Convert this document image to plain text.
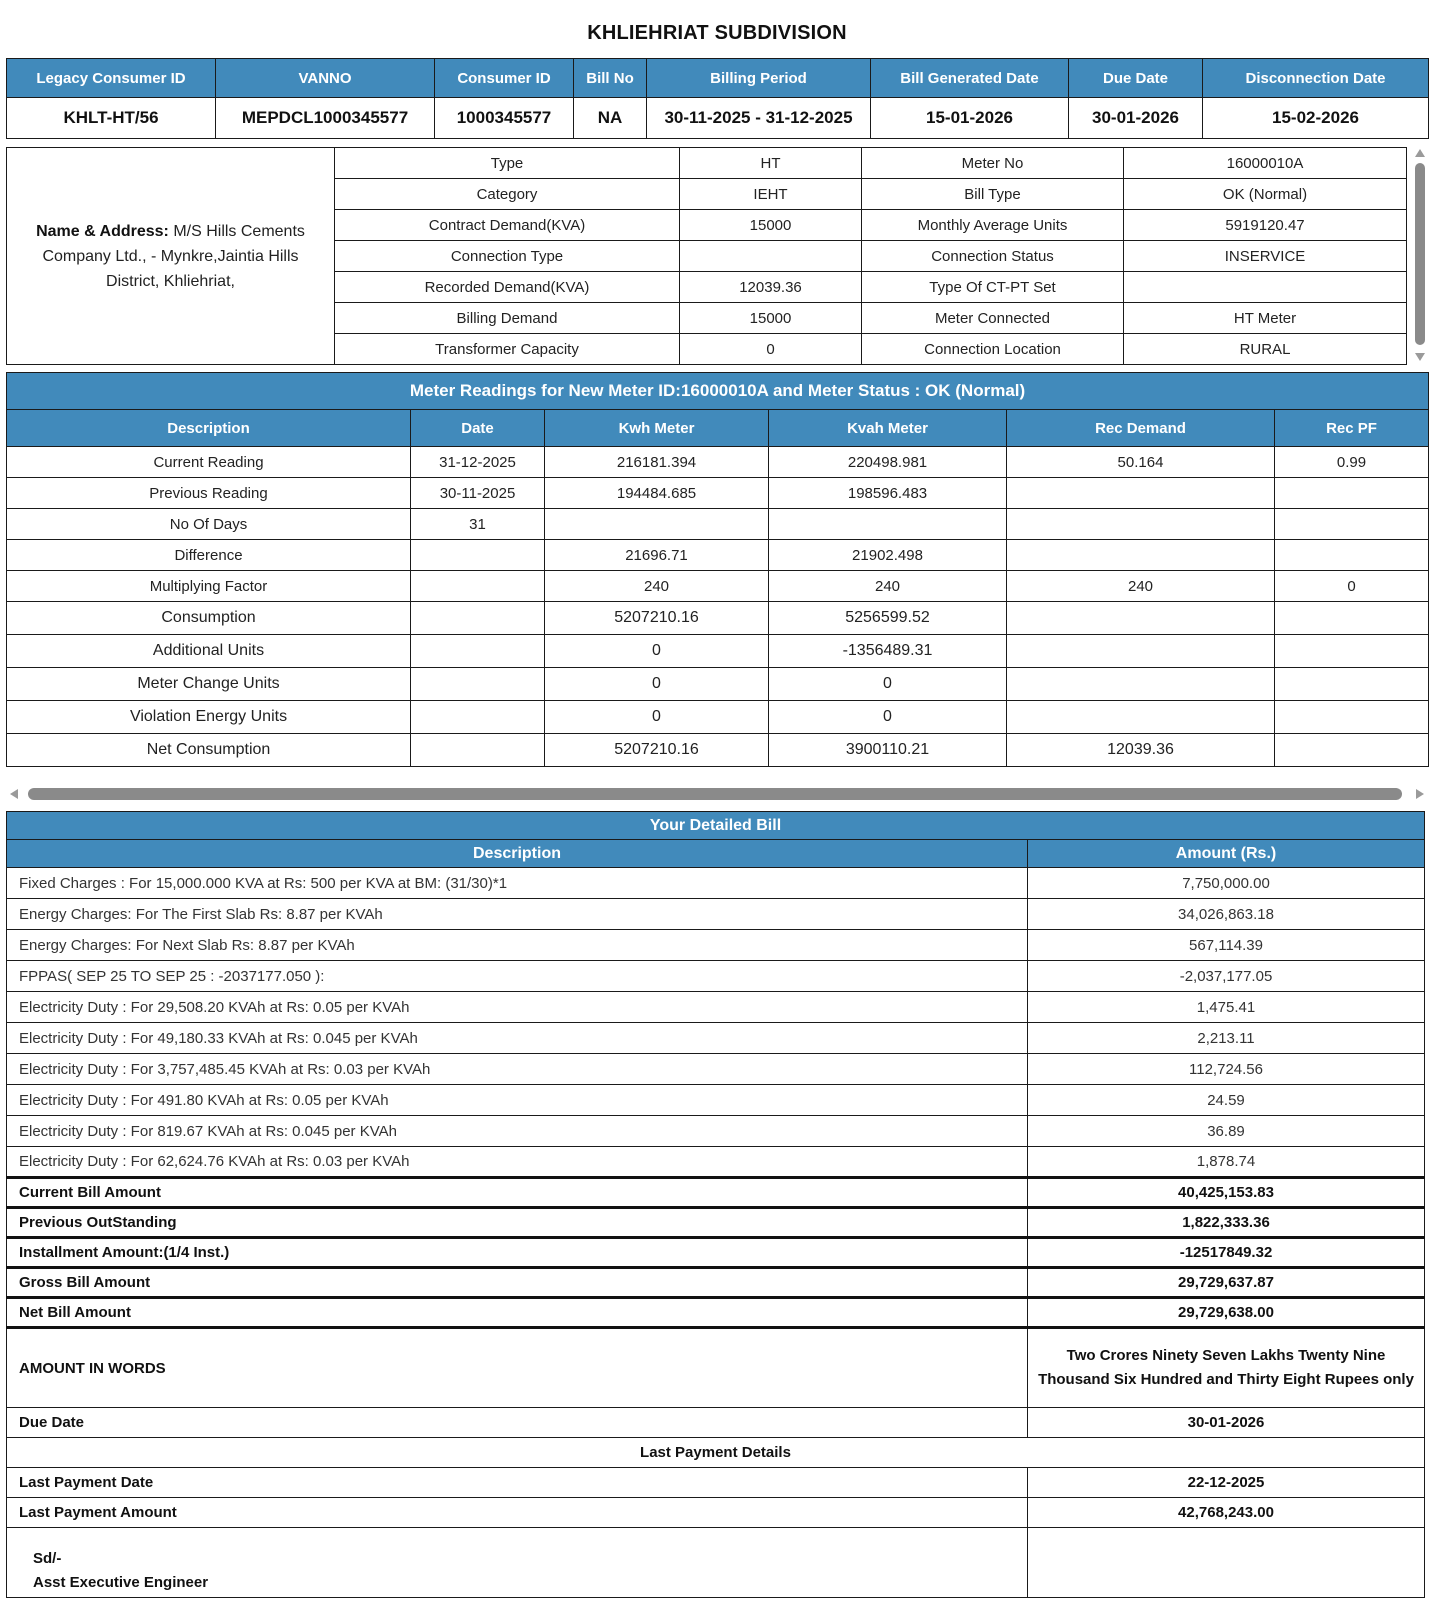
KHLIEHRIAT SUBDIVISION
Legacy Consumer ID	VANNO	Consumer ID	Bill No	Billing Period	Bill Generated Date	Due Date	Disconnection Date
KHLT-HT/56	MEPDCL1000345577	1000345577	NA	30-11-2025 - 31-12-2025	15-01-2026	30-01-2026	15-02-2026
Name & Address: M/S Hills Cements Company Ltd., - Mynkre,Jaintia Hills District, Khliehriat,	Type	HT	Meter No	16000010A
	Category	IEHT	Bill Type	OK (Normal)
	Contract Demand(KVA)	15000	Monthly Average Units	5919120.47
	Connection Type		Connection Status	INSERVICE
	Recorded Demand(KVA)	12039.36	Type Of CT-PT Set	
	Billing Demand	15000	Meter Connected	HT Meter
	Transformer Capacity	0	Connection Location	RURAL
Meter Readings for New Meter ID:16000010A and Meter Status : OK (Normal)					
Description	Date	Kwh Meter	Kvah Meter	Rec Demand	Rec PF
Current Reading	31-12-2025	216181.394	220498.981	50.164	0.99
Previous Reading	30-11-2025	194484.685	198596.483		
No Of Days	31				
Difference		21696.71	21902.498		
Multiplying Factor		240	240	240	0
Consumption		5207210.16	5256599.52		
Additional Units		0	-1356489.31		
Meter Change Units		0	0		
Violation Energy Units		0	0		
Net Consumption		5207210.16	3900110.21	12039.36	
Your Detailed Bill	
Description	Amount (Rs.)
Fixed Charges : For 15,000.000 KVA at Rs: 500 per KVA at BM: (31/30)*1	7,750,000.00
Energy Charges: For The First Slab Rs: 8.87 per KVAh	34,026,863.18
Energy Charges: For Next Slab Rs: 8.87 per KVAh	567,114.39
FPPAS( SEP 25 TO SEP 25 : -2037177.050 ):	-2,037,177.05
Electricity Duty : For 29,508.20 KVAh at Rs: 0.05 per KVAh	1,475.41
Electricity Duty : For 49,180.33 KVAh at Rs: 0.045 per KVAh	2,213.11
Electricity Duty : For 3,757,485.45 KVAh at Rs: 0.03 per KVAh	112,724.56
Electricity Duty : For 491.80 KVAh at Rs: 0.05 per KVAh	24.59
Electricity Duty : For 819.67 KVAh at Rs: 0.045 per KVAh	36.89
Electricity Duty : For 62,624.76 KVAh at Rs: 0.03 per KVAh	1,878.74
Current Bill Amount	40,425,153.83
Previous OutStanding	1,822,333.36
Installment Amount:(1/4 Inst.)	-12517849.32
Gross Bill Amount	29,729,637.87
Net Bill Amount	29,729,638.00
AMOUNT IN WORDS	Two Crores Ninety Seven Lakhs Twenty Nine Thousand Six Hundred and Thirty Eight Rupees only
Due Date	30-01-2026
Last Payment Details	
Last Payment Date	22-12-2025
Last Payment Amount	42,768,243.00

Sd/-
Asst Executive Engineer	
